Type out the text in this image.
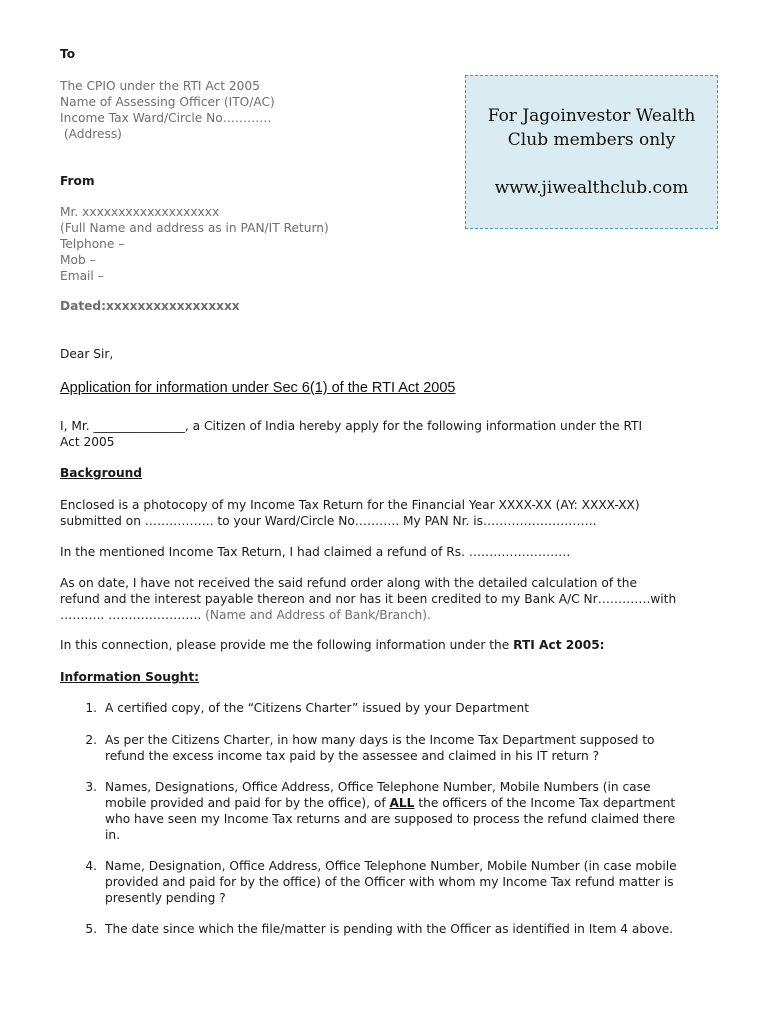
To
The CPIO under the RTI Act 2005
Name of Assessing Officer (ITO/AC)
Income Tax Ward/Circle No…………
(Address)
From
Mr. xxxxxxxxxxxxxxxxxxx
(Full Name and address as in PAN/IT Return)
Telphone –
Mob –
Email –
Dated:xxxxxxxxxxxxxxxxx
Dear Sir,
Application for information under Sec 6(1) of the RTI Act 2005
I, Mr. _______________, a Citizen of India hereby apply for the following information under the RTI
Act 2005
Background
Enclosed is a photocopy of my Income Tax Return for the Financial Year XXXX-XX (AY: XXXX-XX)
submitted on …………….. to your Ward/Circle No……….. My PAN Nr. is……………………….
In the mentioned Income Tax Return, I had claimed a refund of Rs. …………………….
As on date, I have not received the said refund order along with the detailed calculation of the
refund and the interest payable thereon and nor has it been credited to my Bank A/C Nr………….with
……….. ………………….. (Name and Address of Bank/Branch).
In this connection, please provide me the following information under the RTI Act 2005:
Information Sought:
1. A certified copy, of the “Citizens Charter” issued by your Department
2. As per the Citizens Charter, in how many days is the Income Tax Department supposed to
refund the excess income tax paid by the assessee and claimed in his IT return ?
3. Names, Designations, Office Address, Office Telephone Number, Mobile Numbers (in case
mobile provided and paid for by the office), of ALL the officers of the Income Tax department
who have seen my Income Tax returns and are supposed to process the refund claimed there
in.
4. Name, Designation, Office Address, Office Telephone Number, Mobile Number (in case mobile
provided and paid for by the office) of the Officer with whom my Income Tax refund matter is
presently pending ?
5. The date since which the file/matter is pending with the Officer as identified in Item 4 above.
For Jagoinvestor Wealth
Club members only
www.jiwealthclub.com
